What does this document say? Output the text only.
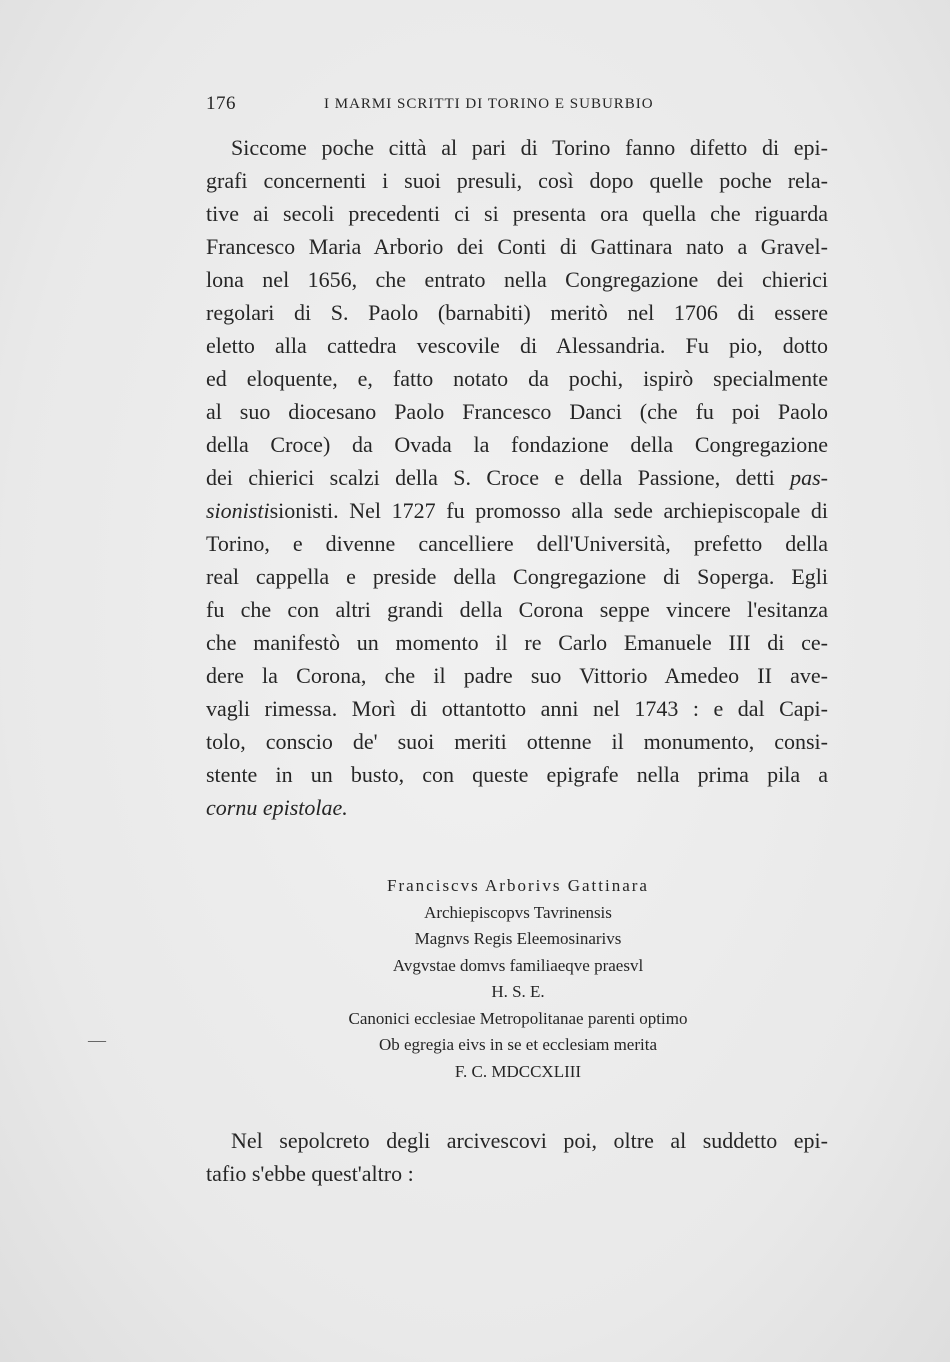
176	I MARMI SCRITTI DI TORINO E SUBURBIO
Siccome poche città al pari di Torino fanno difetto di epi-
grafi concernenti i suoi presuli, così dopo quelle poche rela-
tive ai secoli precedenti ci si presenta ora quella che riguarda
Francesco Maria Arborio dei Conti di Gattinara nato a Gravel-
lona nel 1656, che entrato nella Congregazione dei chierici
regolari di S. Paolo (barnabiti) meritò nel 1706 di essere
eletto alla cattedra vescovile di Alessandria. Fu pio, dotto
ed eloquente, e, fatto notato da pochi, ispirò specialmente
al suo diocesano Paolo Francesco Danci (che fu poi Paolo
della Croce) da Ovada la fondazione della Congregazione
dei chierici scalzi della S. Croce e della Passione, detti pas-
sionistisionisti. Nel 1727 fu promosso alla sede archiepiscopale di
Torino, e divenne cancelliere dell'Università, prefetto della
real cappella e preside della Congregazione di Soperga. Egli
fu che con altri grandi della Corona seppe vincere l'esitanza
che manifestò un momento il re Carlo Emanuele III di ce-
dere la Corona, che il padre suo Vittorio Amedeo II ave-
vagli rimessa. Morì di ottantotto anni nel 1743 : e dal Capi-
tolo, conscio de' suoi meriti ottenne il monumento, consi-
stente in un busto, con queste epigrafe nella prima pila a
cornu epistolae.
Franciscvs Arborivs Gattinara
Archiepiscopvs Tavrinensis
Magnvs Regis Eleemosinarivs
Avgvstae domvs familiaeqve praesvl
H. S. E.
Canonici ecclesiae Metropolitanae parenti optimo
Ob egregia eivs in se et ecclesiam merita
F. C. MDCCXLIII
Nel sepolcreto degli arcivescovi poi, oltre al suddetto epi-
tafio s'ebbe quest'altro :
—
